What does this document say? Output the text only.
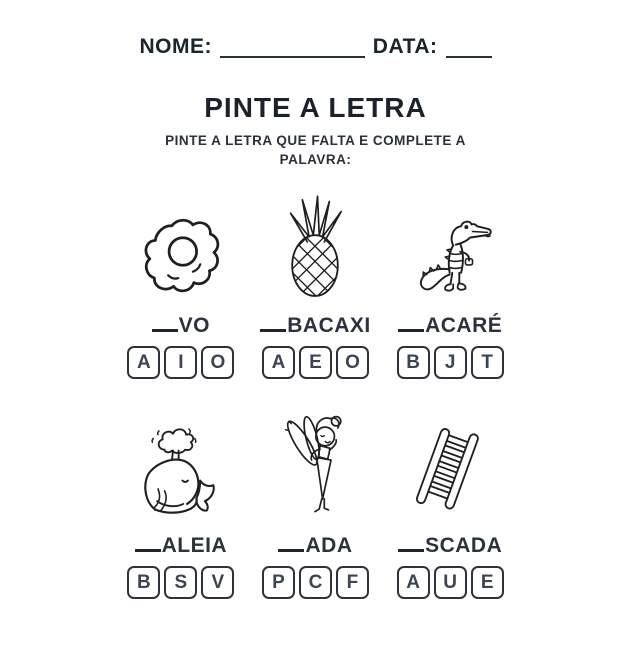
NOME:	DATA:
PINTE A LETRA
PINTE A LETRA QUE FALTA E COMPLETE A PALAVRA:
VO
A	I	O
BACAXI
A	E	O
ACARÉ
B	J	T
ALEIA
B	S	V
ADA
P	C	F
SCADA
A	U	E
